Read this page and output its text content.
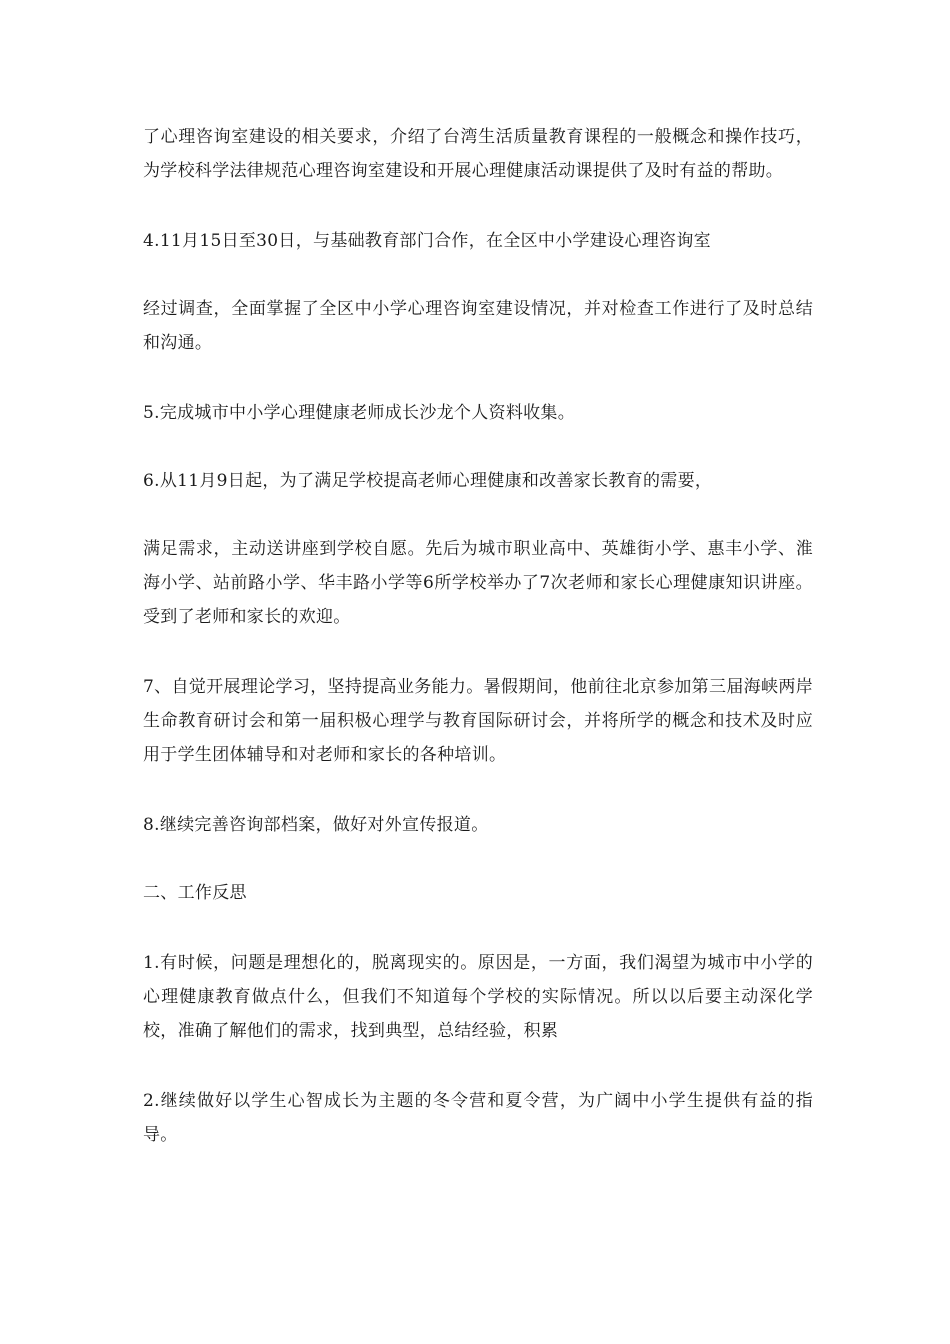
了心理咨询室建设的相关要求，介绍了台湾生活质量教育课程的一般概念和操作技巧，为学校科学法律规范心理咨询室建设和开展心理健康活动课提供了及时有益的帮助。

4.11月15日至30日，与基础教育部门合作，在全区中小学建设心理咨询室

经过调查，全面掌握了全区中小学心理咨询室建设情况，并对检查工作进行了及时总结和沟通。

5.完成城市中小学心理健康老师成长沙龙个人资料收集。

6.从11月9日起，为了满足学校提高老师心理健康和改善家长教育的需要，

满足需求，主动送讲座到学校自愿。先后为城市职业高中、英雄街小学、惠丰小学、淮海小学、站前路小学、华丰路小学等6所学校举办了7次老师和家长心理健康知识讲座。受到了老师和家长的欢迎。

7、自觉开展理论学习，坚持提高业务能力。暑假期间，他前往北京参加第三届海峡两岸生命教育研讨会和第一届积极心理学与教育国际研讨会，并将所学的概念和技术及时应用于学生团体辅导和对老师和家长的各种培训。

8.继续完善咨询部档案，做好对外宣传报道。

二、工作反思

1.有时候，问题是理想化的，脱离现实的。原因是，一方面，我们渴望为城市中小学的心理健康教育做点什么，但我们不知道每个学校的实际情况。所以以后要主动深化学校，准确了解他们的需求，找到典型，总结经验，积累

2.继续做好以学生心智成长为主题的冬令营和夏令营，为广阔中小学生提供有益的指导。
